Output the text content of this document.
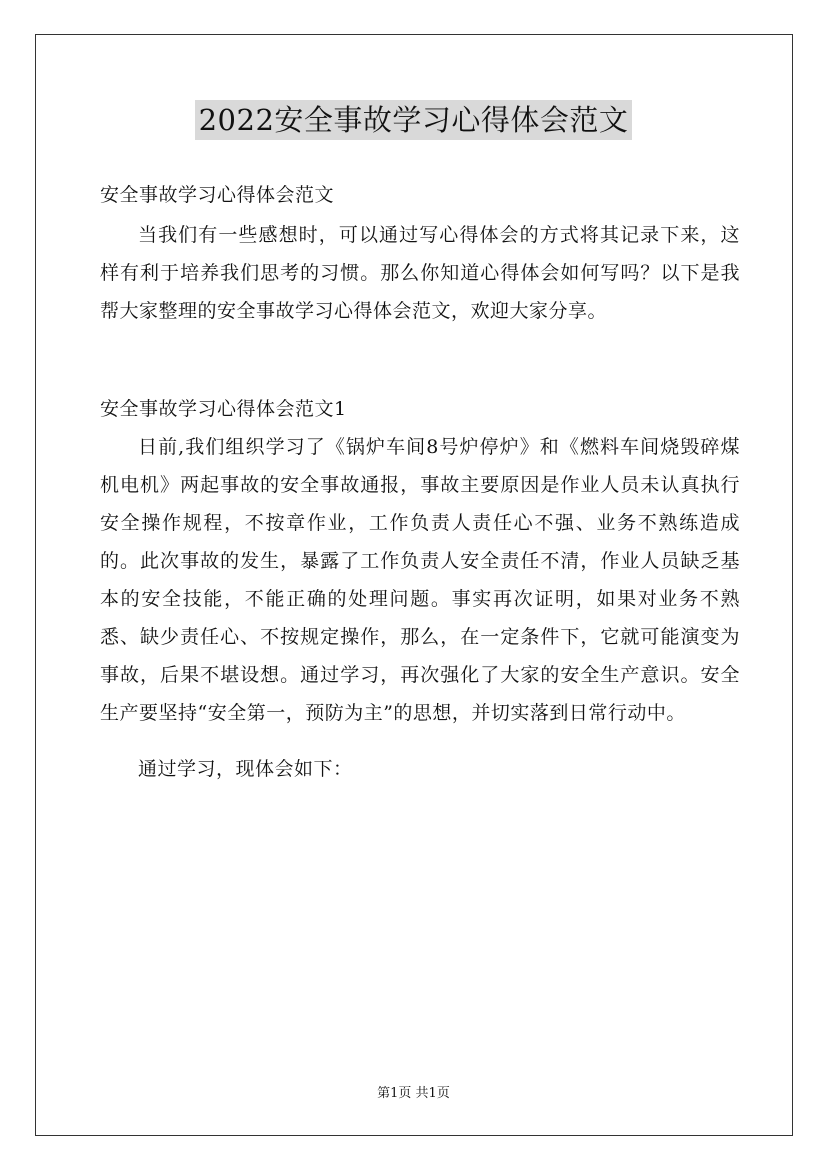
2022安全事故学习心得体会范文

安全事故学习心得体会范文

当我们有一些感想时，可以通过写心得体会的方式将其记录下来，这样有利于培养我们思考的习惯。那么你知道心得体会如何写吗？以下是我帮大家整理的安全事故学习心得体会范文，欢迎大家分享。

安全事故学习心得体会范文1

日前,我们组织学习了《锅炉车间8号炉停炉》和《燃料车间烧毁碎煤机电机》两起事故的安全事故通报，事故主要原因是作业人员未认真执行安全操作规程，不按章作业，工作负责人责任心不强、业务不熟练造成的。此次事故的发生，暴露了工作负责人安全责任不清，作业人员缺乏基本的安全技能，不能正确的处理问题。事实再次证明，如果对业务不熟悉、缺少责任心、不按规定操作，那么，在一定条件下，它就可能演变为事故，后果不堪设想。通过学习，再次强化了大家的安全生产意识。安全生产要坚持“安全第一，预防为主”的思想，并切实落到日常行动中。

通过学习，现体会如下：

第1页 共1页
